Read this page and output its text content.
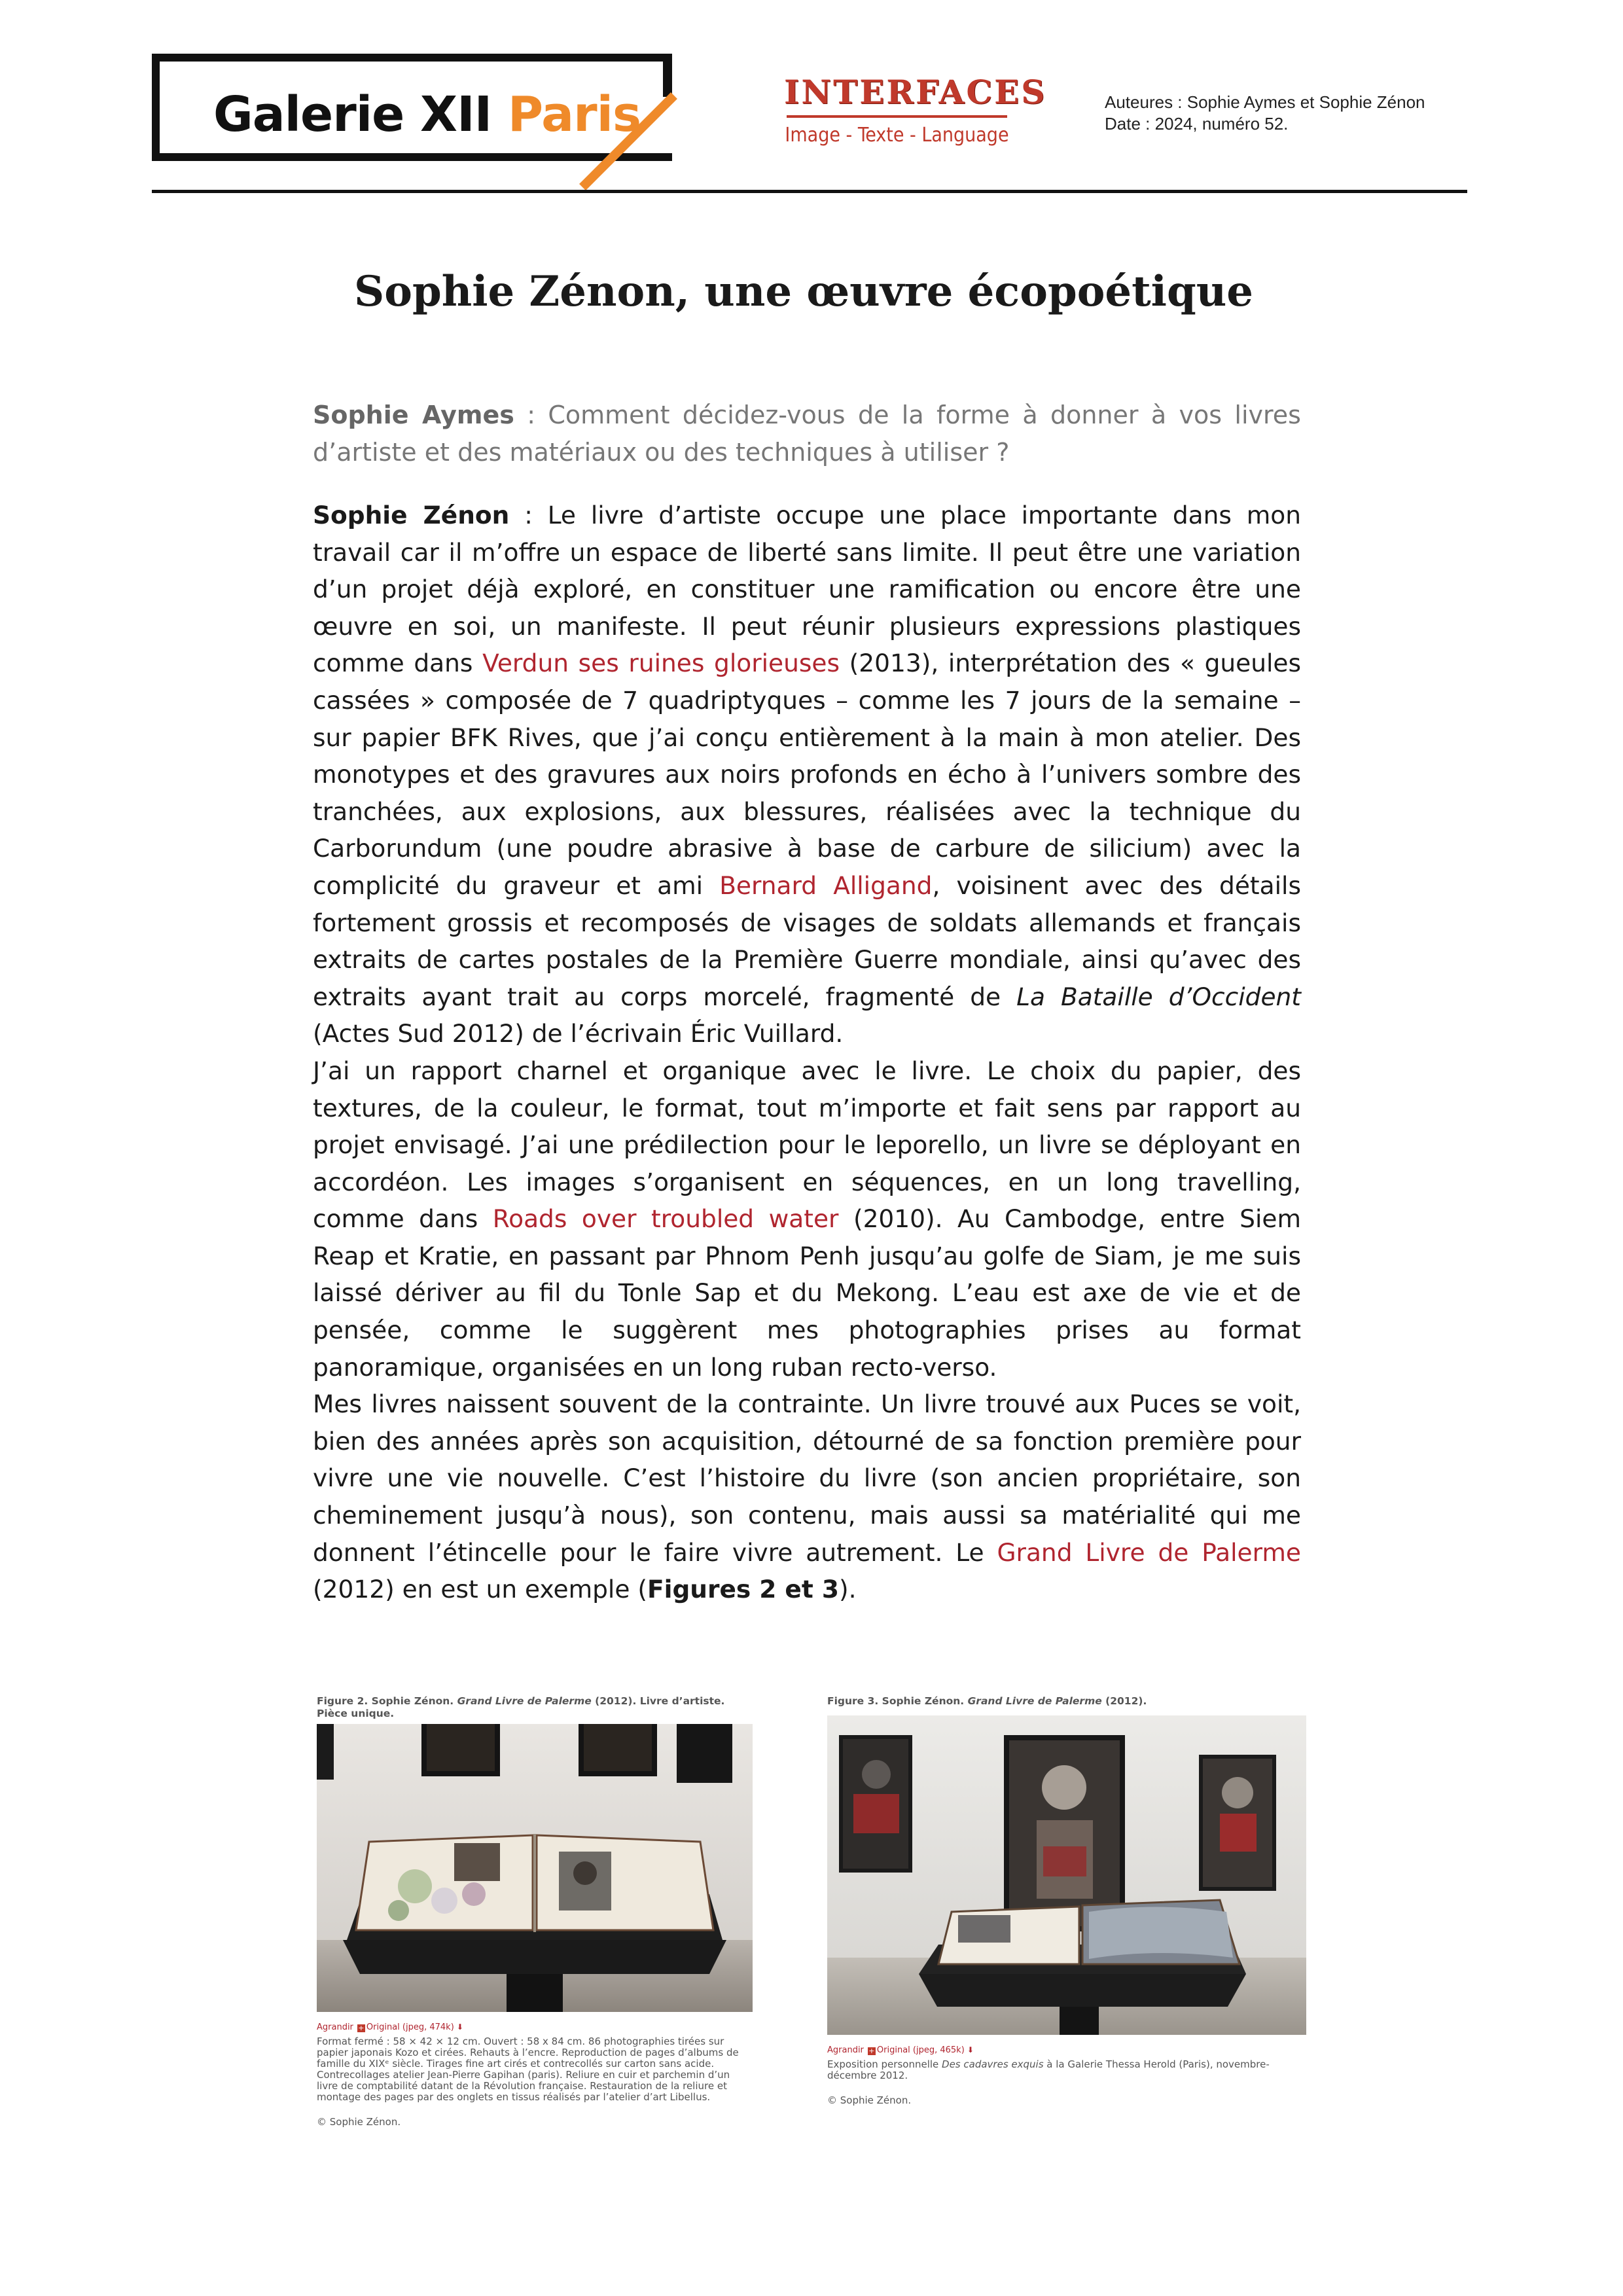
Galerie XII Paris	INTERFACES
Image - Texte - Language
Auteures : Sophie Aymes et Sophie Zénon
Date : 2024, numéro 52.
Sophie Zénon, une œuvre écopoétique
Sophie Aymes : Comment décidez-vous de la forme à donner à vos livres d’artiste et des matériaux ou des techniques à utiliser ?

Sophie Zénon : Le livre d’artiste occupe une place importante dans mon travail car il m’offre un espace de liberté sans limite. Il peut être une variation d’un projet déjà exploré, en constituer une ramification ou encore être une œuvre en soi, un manifeste. Il peut réunir plusieurs expressions plastiques comme dans Verdun ses ruines glorieuses (2013), interprétation des « gueules cassées » composée de 7 quadriptyques – comme les 7 jours de la semaine – sur papier BFK Rives, que j’ai conçu entièrement à la main à mon atelier. Des monotypes et des gravures aux noirs profonds en écho à l’univers sombre des tranchées, aux explosions, aux blessures, réalisées avec la technique du Carborundum (une poudre abrasive à base de carbure de silicium) avec la complicité du graveur et ami Bernard Alligand, voisinent avec des détails fortement grossis et recomposés de visages de soldats allemands et français extraits de cartes postales de la Première Guerre mondiale, ainsi qu’avec des extraits ayant trait au corps morcelé, fragmenté de La Bataille d’Occident (Actes Sud 2012) de l’écrivain Éric Vuillard.

J’ai un rapport charnel et organique avec le livre. Le choix du papier, des textures, de la couleur, le format, tout m’importe et fait sens par rapport au projet envisagé. J’ai une prédilection pour le leporello, un livre se déployant en accordéon. Les images s’organisent en séquences, en un long travelling, comme dans Roads over troubled water (2010). Au Cambodge, entre Siem Reap et Kratie, en passant par Phnom Penh jusqu’au golfe de Siam, je me suis laissé dériver au fil du Tonle Sap et du Mekong. L’eau est axe de vie et de pensée, comme le suggèrent mes photographies prises au format panoramique, organisées en un long ruban recto-verso.

Mes livres naissent souvent de la contrainte. Un livre trouvé aux Puces se voit, bien des années après son acquisition, détourné de sa fonction première pour vivre une vie nouvelle. C’est l’histoire du livre (son ancien propriétaire, son cheminement jusqu’à nous), son contenu, mais aussi sa matérialité qui me donnent l’étincelle pour le faire vivre autrement. Le Grand Livre de Palerme (2012) en est un exemple (Figures 2 et 3).

Figure 2. Sophie Zénon. Grand Livre de Palerme (2012). Livre d’artiste. Pièce unique.
Agrandir + Original (jpeg, 474k) ⬇
Format fermé : 58 × 42 × 12 cm. Ouvert : 58 x 84 cm. 86 photographies tirées sur papier japonais Kozo et cirées. Rehauts à l’encre. Reproduction de pages d’albums de famille du XIXᵉ siècle. Tirages fine art cirés et contrecollés sur carton sans acide. Contrecollages atelier Jean-Pierre Gapihan (paris). Reliure en cuir et parchemin d’un livre de comptabilité datant de la Révolution française. Restauration de la reliure et montage des pages par des onglets en tissus réalisés par l’atelier d’art Libellus.
© Sophie Zénon.
Figure 3. Sophie Zénon. Grand Livre de Palerme (2012).
Agrandir + Original (jpeg, 465k) ⬇
Exposition personnelle Des cadavres exquis à la Galerie Thessa Herold (Paris), novembre-décembre 2012.
© Sophie Zénon.
